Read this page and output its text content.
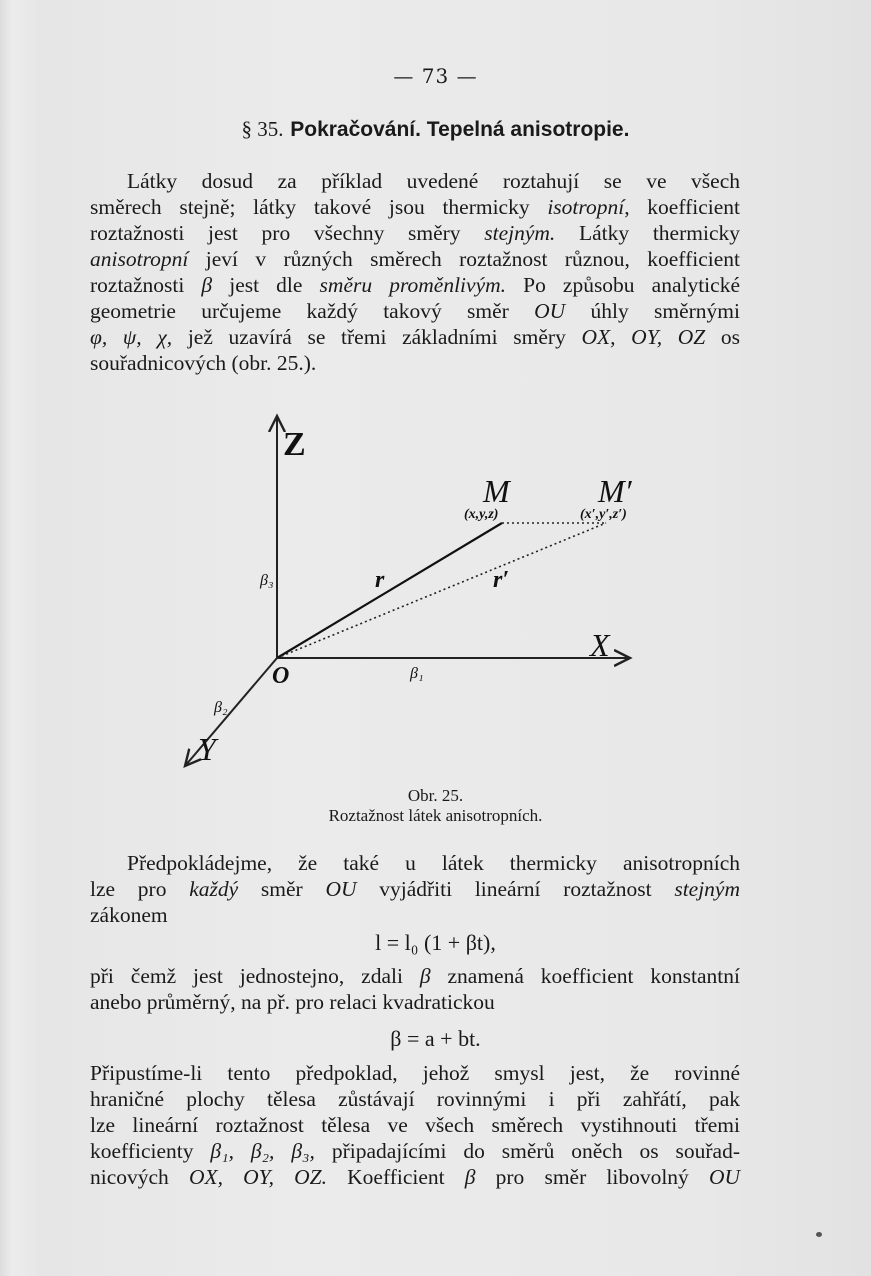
— 73 —
§ 35. Pokračování. Tepelná anisotropie.
Látky dosud za příklad uvedené roztahují se ve všech
směrech stejně; látky takové jsou thermicky isotropní, koefficient
roztažnosti jest pro všechny směry stejným. Látky thermicky
anisotropní jeví v různých směrech roztažnost různou, koefficient
roztažnosti β jest dle směru proměnlivým. Po způsobu analytické
geometrie určujeme každý takový směr OU úhly směrnými
φ, ψ, χ, jež uzavírá se třemi základními směry OX, OY, OZ os
souřadnicových (obr. 25.).
Z
X
Y
O
M
(x,y,z)
M′
(x′,y′,z′)
r	r′
β₁
β₂
β₃
Obr. 25.
Roztažnost látek anisotropních.
Předpokládejme, že také u látek thermicky anisotropních
lze pro každý směr OU vyjádřiti lineární roztažnost stejným
zákonem
l = l₀ (1 + βt),
při čemž jest jednostejno, zdali β znamená koefficient konstantní
anebo průměrný, na př. pro relaci kvadratickou
β = a + bt.
Připustíme-li tento předpoklad, jehož smysl jest, že rovinné
hraničné plochy tělesa zůstávají rovinnými i při zahřátí, pak
lze lineární roztažnost tělesa ve všech směrech vystihnouti třemi
koefficienty β₁, β₂, β₃, připadajícími do směrů oněch os souřad-
nicových OX, OY, OZ. Koefficient β pro směr libovolný OU
